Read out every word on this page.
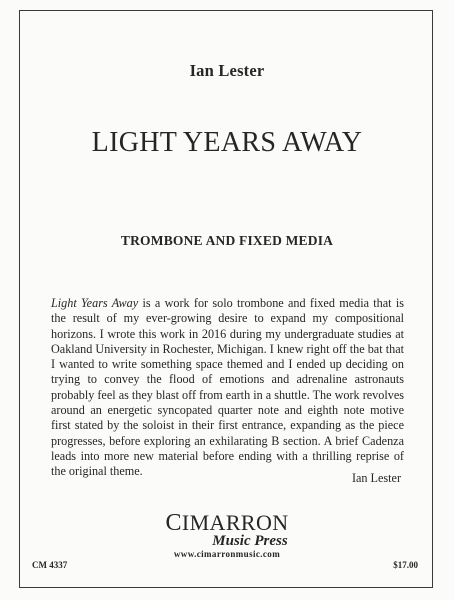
Ian Lester
LIGHT YEARS AWAY
TROMBONE AND FIXED MEDIA
Light Years Away is a work for solo trombone and fixed media that is the result of my ever-growing desire to expand my compositional horizons. I wrote this work in 2016 during my undergraduate studies at Oakland University in Rochester, Michigan. I knew right off the bat that I wanted to write something space themed and I ended up deciding on trying to convey the flood of emotions and adrenaline astronauts probably feel as they blast off from earth in a shuttle. The work revolves around an energetic syncopated quarter note and eighth note motive first stated by the soloist in their first entrance, expanding as the piece progresses, before exploring an exhilarating B section. A brief Cadenza leads into more new material before ending with a thrilling reprise of the original theme.	Ian Lester
CIMARRON
Music Press
www.cimarronmusic.com
CM 4337	$17.00
